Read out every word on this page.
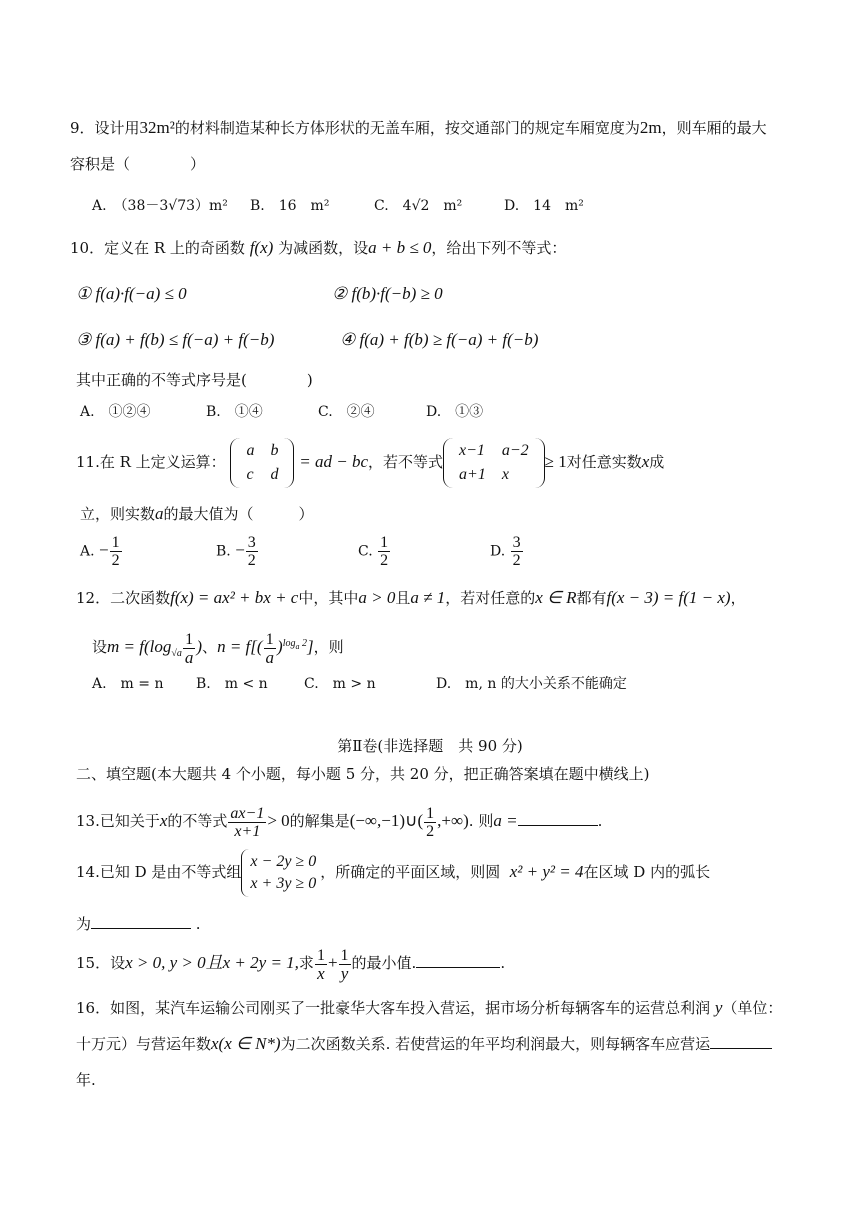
9．设计用32m²的材料制造某种长方体形状的无盖车厢，按交通部门的规定车厢宽度为2m，则车厢的最大
容积是（　　　　）
A.　（38－3√73）m² B.　16　m²	C.　4√2　m²	D.　14　m²
10．定义在 R 上的奇函数 f(x) 为减函数，设a + b ≤ 0，给出下列不等式：
① f(a)·f(−a) ≤ 0	② f(b)·f(−b) ≥ 0
③ f(a) + f(b) ≤ f(−a) + f(−b)	④ f(a) + f(b) ≥ f(−a) + f(−b)
其中正确的不等式序号是(　　　　)
A.　①②④	B.　①④	C.　②④	D.　①③
11.在 R 上定义运算：
a	b
c	d
= ad − bc，若不等式
x−1	a−2
a+1	x
≥ 1对任意实数x成
立，则实数a的最大值为（　　　）
A. − $\frac{1}{2}$	B. − $\frac{3}{2}$	C. $\frac{1}{2}$	D. $\frac{3}{2}$
12．二次函数f(x) = ax² + bx + c中，其中a > 0且a ≠ 1，若对任意的x ∈ R都有f(x − 3) = f(1 − x)，
设$m = f(\log_{√a} \frac{1}{a}$ )、$n = f[( \frac{1}{a} )^{log_a 2}]$，则
A.　m = n B.　m < n	C.　m > n	D.　m, n 的大小关系不能确定
第Ⅱ卷(非选择题　共 90 分)
二、填空题(本大题共 4 个小题，每小题 5 分，共 20 分，把正确答案填在题中横线上)
13.已知关于x的不等式 $\frac{ax-1}{x+1} > 0$的解集是(−∞,−1)∪( $\frac{1}{2}$ ,+∞). 则a =	.
14.已知 D 是由不等式组
x − 2y ≥ 0
x + 3y ≥ 0
，所确定的平面区域，则圆 x² + y² = 4在区域 D 内的弧长
为	.
15．设x > 0, y > 0且x + 2y = 1,求 $\frac{1}{x} + \frac{1}{y}$ 的最小值.	.
16．如图，某汽车运输公司刚买了一批豪华大客车投入营运，据市场分析每辆客车的运营总利润 y（单位：
十万元）与营运年数x(x ∈ N*)为二次函数关系. 若使营运的年平均利润最大，则每辆客车应营运
年.
